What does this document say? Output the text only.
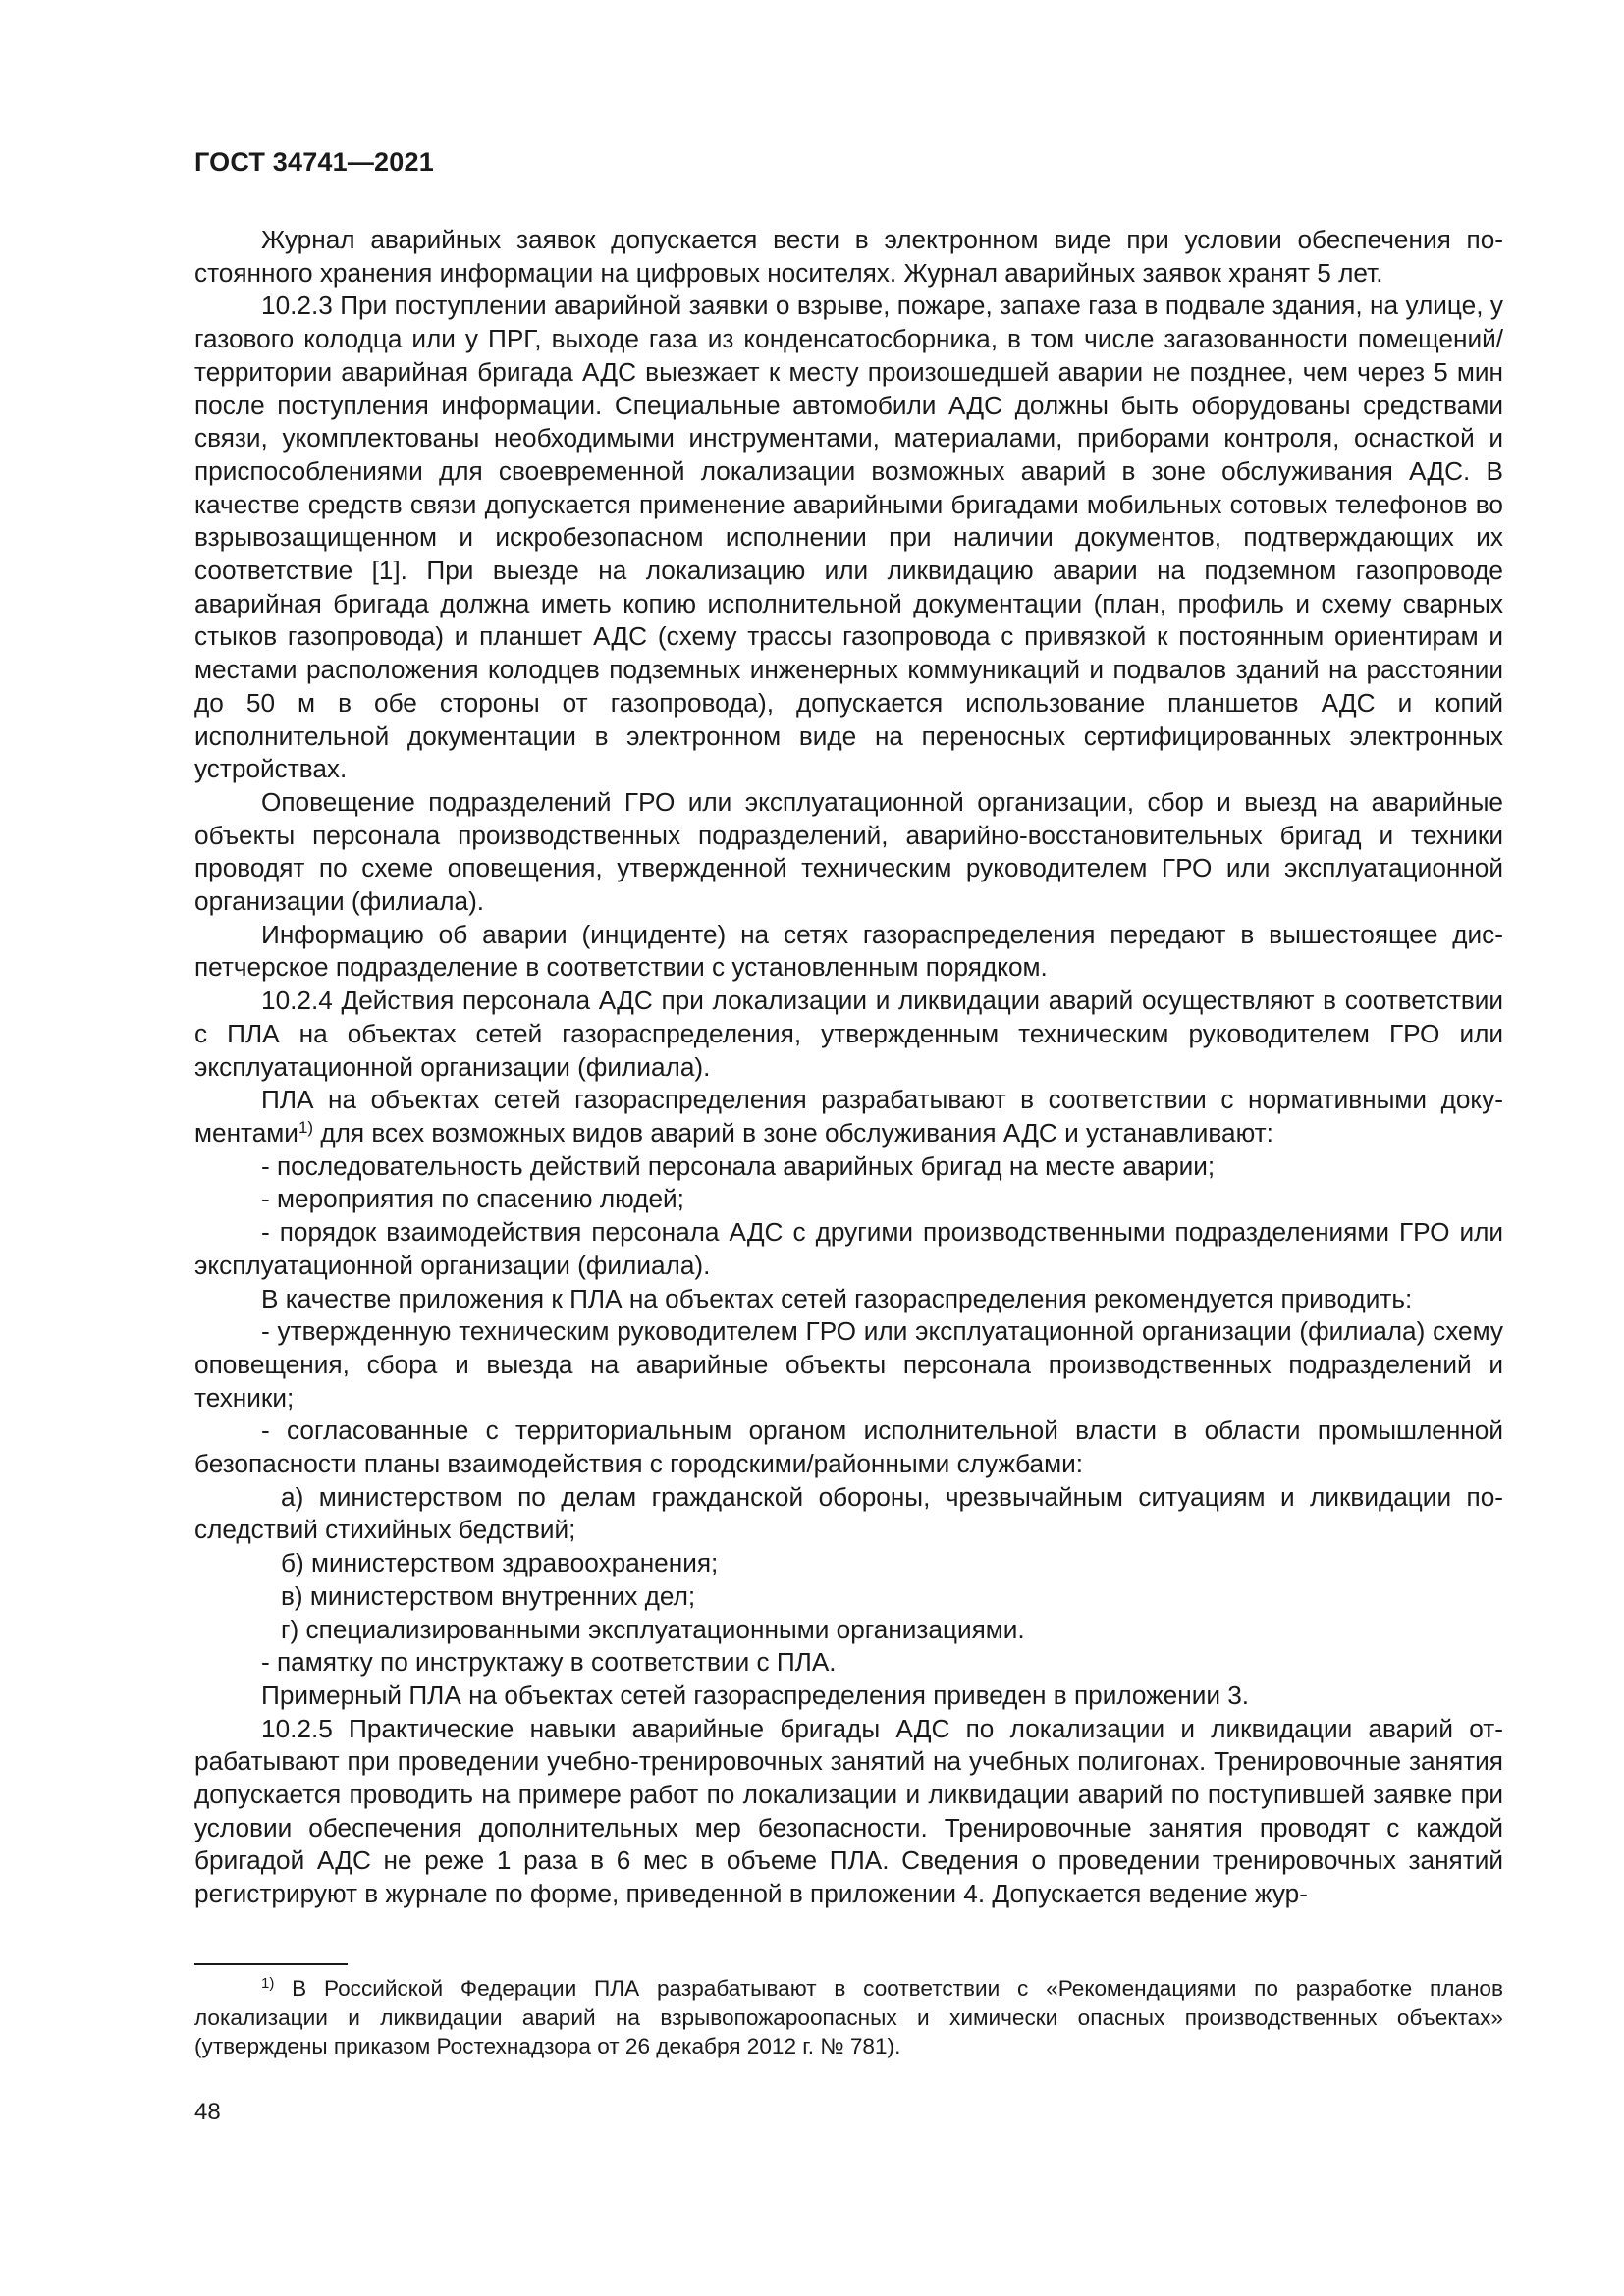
ГОСТ 34741—2021

Журнал аварийных заявок допускается вести в электронном виде при условии обеспечения постоянного хранения информации на цифровых носителях. Журнал аварийных заявок хранят 5 лет.

10.2.3 При поступлении аварийной заявки о взрыве, пожаре, запахе газа в подвале здания, на улице, у газового колодца или у ПРГ, выходе газа из конденсатосборника, в том числе загазованности помещений/территории аварийная бригада АДС выезжает к месту произошедшей аварии не позднее, чем через 5 мин после поступления информации. Специальные автомобили АДС должны быть оборудованы средствами связи, укомплектованы необходимыми инструментами, материалами, приборами контроля, оснасткой и приспособлениями для своевременной локализации возможных аварий в зоне обслуживания АДС. В качестве средств связи допускается применение аварийными бригадами мобильных сотовых телефонов во взрывозащищенном и искробезопасном исполнении при наличии документов, подтверждающих их соответствие [1]. При выезде на локализацию или ликвидацию аварии на подземном газопроводе аварийная бригада должна иметь копию исполнительной документации (план, профиль и схему сварных стыков газопровода) и планшет АДС (схему трассы газопровода с привязкой к постоянным ориентирам и местами расположения колодцев подземных инженерных коммуникаций и подвалов зданий на расстоянии до 50 м в обе стороны от газопровода), допускается использование планшетов АДС и копий исполнительной документации в электронном виде на переносных сертифицированных электронных устройствах.

Оповещение подразделений ГРО или эксплуатационной организации, сбор и выезд на аварийные объекты персонала производственных подразделений, аварийно-восстановительных бригад и техники проводят по схеме оповещения, утвержденной техническим руководителем ГРО или эксплуатационной организации (филиала).

Информацию об аварии (инциденте) на сетях газораспределения передают в вышестоящее диспетчерское подразделение в соответствии с установленным порядком.

10.2.4 Действия персонала АДС при локализации и ликвидации аварий осуществляют в соответствии с ПЛА на объектах сетей газораспределения, утвержденным техническим руководителем ГРО или эксплуатационной организации (филиала).

ПЛА на объектах сетей газораспределения разрабатывают в соответствии с нормативными документами$^{1)}$ для всех возможных видов аварий в зоне обслуживания АДС и устанавливают:

- последовательность действий персонала аварийных бригад на месте аварии;

- мероприятия по спасению людей;

- порядок взаимодействия персонала АДС с другими производственными подразделениями ГРО или эксплуатационной организации (филиала).

В качестве приложения к ПЛА на объектах сетей газораспределения рекомендуется приводить:

- утвержденную техническим руководителем ГРО или эксплуатационной организации (филиала) схему оповещения, сбора и выезда на аварийные объекты персонала производственных подразделений и техники;

- согласованные с территориальным органом исполнительной власти в области промышленной безопасности планы взаимодействия с городскими/районными службами:

а) министерством по делам гражданской обороны, чрезвычайным ситуациям и ликвидации последствий стихийных бедствий;

б) министерством здравоохранения;

в) министерством внутренних дел;

г) специализированными эксплуатационными организациями.

- памятку по инструктажу в соответствии с ПЛА.

Примерный ПЛА на объектах сетей газораспределения приведен в приложении 3.

10.2.5 Практические навыки аварийные бригады АДС по локализации и ликвидации аварий отрабатывают при проведении учебно-тренировочных занятий на учебных полигонах. Тренировочные занятия допускается проводить на примере работ по локализации и ликвидации аварий по поступившей заявке при условии обеспечения дополнительных мер безопасности. Тренировочные занятия проводят с каждой бригадой АДС не реже 1 раза в 6 мес в объеме ПЛА. Сведения о проведении тренировочных занятий регистрируют в журнале по форме, приведенной в приложении 4. Допускается ведение жур-

$^{1)}$ В Российской Федерации ПЛА разрабатывают в соответствии с «Рекомендациями по разработке планов локализации и ликвидации аварий на взрывопожароопасных и химически опасных производственных объектах» (утверждены приказом Ростехнадзора от 26 декабря 2012 г. № 781).

48
